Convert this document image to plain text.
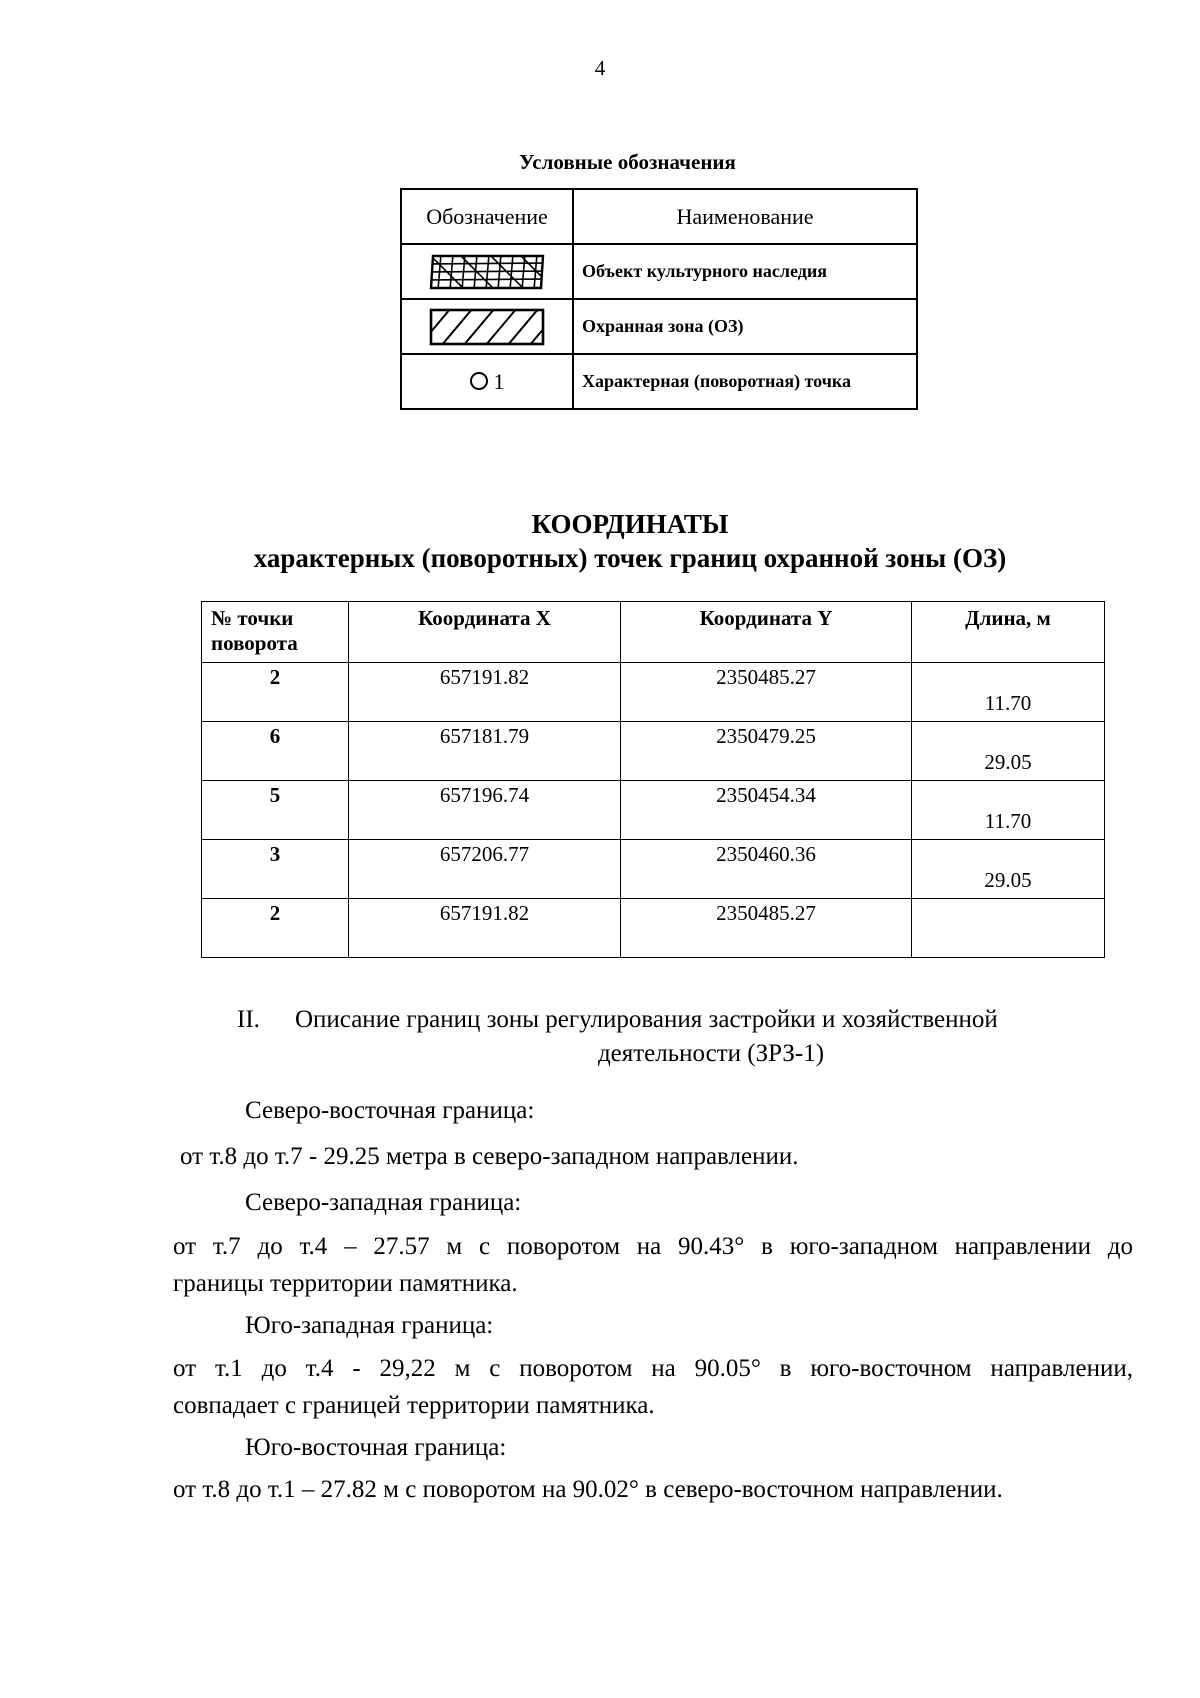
4
Условные обозначения
Обозначение	Наименование
	Объект культурного наследия
	Охранная зона (ОЗ)
1	Характерная (поворотная) точка
КООРДИНАТЫ
характерных (поворотных) точек границ охранной зоны (ОЗ)
№ точки
поворота	Координата X	Координата Y	Длина, м
2	657191.82	2350485.27	11.70

6	657181.79	2350479.25	29.05

5	657196.74	2350454.34	11.70

3	657206.77	2350460.36	29.05

2	657191.82	2350485.27	
II. Описание границ зоны регулирования застройки и хозяйственной
деятельности (ЗРЗ-1)
Северо-восточная граница:
от т.8 до т.7 - 29.25 метра в северо-западном направлении.
Северо-западная граница:
от т.7 до т.4 – 27.57 м с поворотом на 90.43° в юго-западном направлении до
границы территории памятника.
Юго-западная граница:
от т.1 до т.4 - 29,22 м с поворотом на 90.05° в юго-восточном направлении,
совпадает с границей территории памятника.
Юго-восточная граница:
от т.8 до т.1 – 27.82 м с поворотом на 90.02° в северо-восточном направлении.
